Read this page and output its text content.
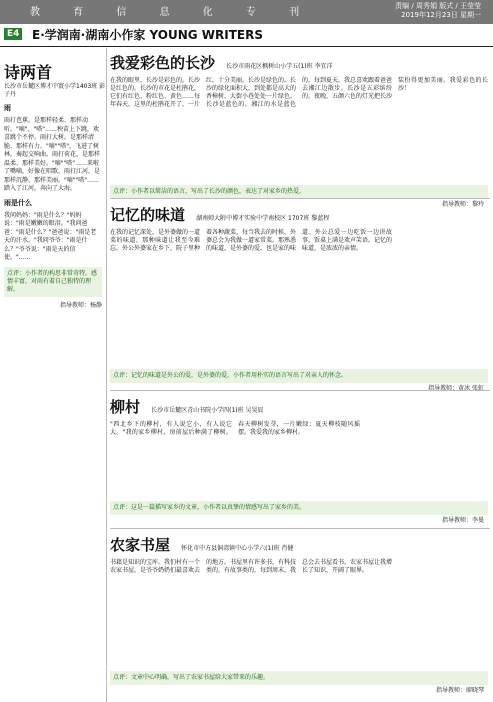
教 育 信 息 化 专 刊
责编 / 周秀娟 版式 / 王莹莹
2019年12月23日 星期一
E4 E·学润南·湖南小作家 YOUNG WRITERS
诗两首
长沙市岳麓区博才中寰小学1403班 彭子丹
雨
雨打芭蕉，是那样轻柔、那样动听。"嘀"、"嗒"……秧苗上下跳，欢喜跳个不停。雨打大树，是那样清脆、那样有力。"嘀""嗒"，飞进了树林，奏起交响曲。雨打荷花，是那样温柔、那样美好。"嘀""嗒"……来啦了嘴嘀，好像在唱歌。雨打江河，是那样沉静、那样美丽。"嘀""嗒"……踏入了江河，奔向了大海。
雨是什么
我问妈妈："雨是什么？"妈妈说："雨是嫩嫩的眼泪。"我问爸爸："雨是什么？"爸爸说："雨是老天的汗水。"我问爷爷："雨是什么？"爷爷说："雨是天的信使。"……
点评：小作者的构思非常奇特，感情丰富，对雨有着自己独特的理解。
指导教师：杨静
我爱彩色的长沙 长沙市雨花区枫树山小学五(1)班 李宜洋
在我的眼里，长沙是彩色的。长沙是红色的。长沙的市花是杜鹃花，它们有红色、粉红色、黄色……每年春天，这里的杜鹃花开了，一片红，十分美丽。长沙是绿色的。长沙的绿化面积大，到处都是高大的香樟树，大街小巷处处一片绿色。长沙是蓝色的。湘江的水是蓝色的，每到夏天，我总喜欢跟着爸爸去湘江边散步。长沙是五彩缤纷的。夜晚，五颜六色的灯光把长沙装扮得更加美丽。我爱彩色的长沙！
点评：小作者以简洁的语言，写出了长沙的颜色，表达了对家乡的热爱。
指导教师：黎玲
记忆的味道 湖南师大附中博才实验中学南校区 1707班 黎蓝程
在我的记忆深处，是外婆做的一道菜的味道，那种味道让我至今难忘。外公外婆家在乡下，院子里种着各种蔬菜，每当我去的时候，外婆总会为我做一道家常菜。那熟悉的味道，是外婆的爱，也是家的味道。外公总爱一边吃饭一边讲故事，饭桌上满是欢声笑语。记忆的味道，是浓浓的亲情。
点评：记忆的味道是外公的爱，是外婆的爱，小作者用朴实的语言写出了对亲人的怀念。
指导教师：黄冰 张虹
柳村 长沙市岳麓区青山书院小学四(1)班 吴昊辰
"西北乡下的柳村，有人说它小，有人说它大。"我的家乡柳村，房前屋后种满了柳树。春天柳树发芽，一片嫩绿；夏天柳枝随风摇摆。我爱我的家乡柳村。
点评：这是一篇描写家乡的文章，小作者以真挚的情感写出了家乡的美。
指导教师：李曼
农家书屋 怀化市中方县铜湾镇中心小学六(1)班 肖健
书籍是知识的宝库。我们村有一个农家书屋，是爷爷奶奶们最喜欢去的地方。书屋里有许多书，有科技类的，有故事类的，每到周末，我总会去书屋看书。农家书屋让我增长了知识，开阔了眼界。
点评：文章中心明确，写出了农家书屋给大家带来的乐趣。
指导教师：廖晓琴
